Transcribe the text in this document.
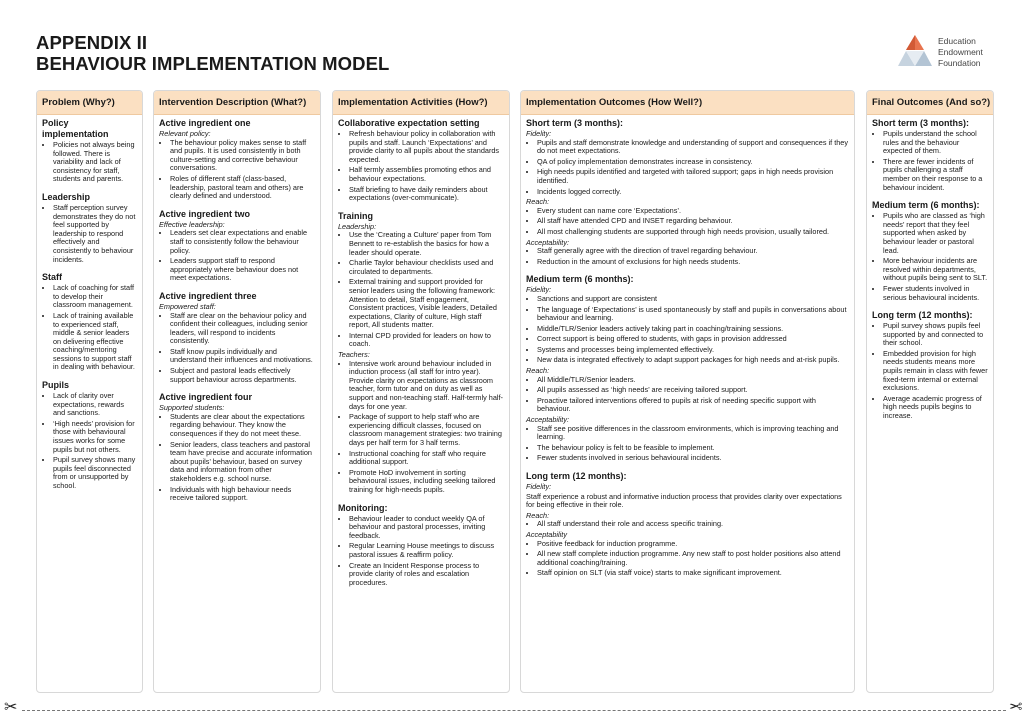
APPENDIX II
BEHAVIOUR IMPLEMENTATION MODEL
Education
Endowment
Foundation
Problem (Why?)
Policy implementation
• Policies not always being followed. There is variability and lack of consistency for staff, students and parents.
Leadership
• Staff perception survey demonstrates they do not feel supported by leadership to respond effectively and consistently to behaviour incidents.
Staff
• Lack of coaching for staff to develop their classroom management.
• Lack of training available to experienced staff, middle & senior leaders on delivering effective coaching/mentoring sessions to support staff in dealing with behaviour.
Pupils
• Lack of clarity over expectations, rewards and sanctions.
• ‘High needs’ provision for those with behavioural issues works for some pupils but not others.
• Pupil survey shows many pupils feel disconnected from or unsupported by school.
Intervention Description (What?)
Active ingredient one
Relevant policy:
• The behaviour policy makes sense to staff and pupils. It is used consistently in both culture-setting and corrective behaviour conversations.
• Roles of different staff (class-based, leadership, pastoral team and others) are clearly defined and understood.
Active ingredient two
Effective leadership:
• Leaders set clear expectations and enable staff to consistently follow the behaviour policy.
• Leaders support staff to respond appropriately where behaviour does not meet expectations.
Active ingredient three
Empowered staff:
• Staff are clear on the behaviour policy and confident their colleagues, including senior leaders, will respond to incidents consistently.
• Staff know pupils individually and understand their influences and motivations.
• Subject and pastoral leads effectively support behaviour across departments.
Active ingredient four
Supported students:
• Students are clear about the expectations regarding behaviour. They know the consequences if they do not meet these.
• Senior leaders, class teachers and pastoral team have precise and accurate information about pupils’ behaviour, based on survey data and information from other stakeholders e.g. school nurse.
• Individuals with high behaviour needs receive tailored support.
Implementation Activities (How?)
Collaborative expectation setting
• Refresh behaviour policy in collaboration with pupils and staff. Launch ‘Expectations’ and provide clarity to all pupils about the standards expected.
• Half termly assemblies promoting ethos and behaviour expectations.
• Staff briefing to have daily reminders about expectations (over-communicate).
Training
Leadership:
• Use the ‘Creating a Culture’ paper from Tom Bennett to re-establish the basics for how a leader should operate.
• Charlie Taylor behaviour checklists used and circulated to departments.
• External training and support provided for senior leaders using the following framework: Attention to detail, Staff engagement, Consistent practices, Visible leaders, Detailed expectations, Clarity of culture, High staff report, All students matter.
• Internal CPD provided for leaders on how to coach.
Teachers:
• Intensive work around behaviour included in induction process (all staff for intro year). Provide clarity on expectations as classroom teacher, form tutor and on duty as well as support and non-teaching staff. Half-termly half-days for one year.
• Package of support to help staff who are experiencing difficult classes, focused on classroom management strategies: two training days per half term for 3 half terms.
• Instructional coaching for staff who require additional support.
• Promote HoD involvement in sorting behavioural issues, including seeking tailored training for high-needs pupils.
Monitoring:
• Behaviour leader to conduct weekly QA of behaviour and pastoral processes, inviting feedback.
• Regular Learning House meetings to discuss pastoral issues & reaffirm policy.
• Create an Incident Response process to provide clarity of roles and escalation procedures.
Implementation Outcomes (How Well?)
Short term (3 months):
Fidelity:
• Pupils and staff demonstrate knowledge and understanding of support and consequences if they do not meet expectations.
• QA of policy implementation demonstrates increase in consistency.
• High needs pupils identified and targeted with tailored support; gaps in high needs provision identified.
• Incidents logged correctly.
Reach:
• Every student can name core ‘Expectations’.
• All staff have attended CPD and INSET regarding behaviour.
• All most challenging students are supported through high needs provision, usually tailored.
Acceptability:
• Staff generally agree with the direction of travel regarding behaviour.
• Reduction in the amount of exclusions for high needs students.
Medium term (6 months):
Fidelity:
• Sanctions and support are consistent
• The language of ‘Expectations’ is used spontaneously by staff and pupils in conversations about behaviour and learning.
• Middle/TLR/Senior leaders actively taking part in coaching/training sessions.
• Correct support is being offered to students, with gaps in provision addressed
• Systems and processes being implemented effectively.
• New data is integrated effectively to adapt support packages for high needs and at-risk pupils.
Reach:
• All Middle/TLR/Senior leaders.
• All pupils assessed as ‘high needs’ are receiving tailored support.
• Proactive tailored interventions offered to pupils at risk of needing specific support with behaviour.
Acceptability:
• Staff see positive differences in the classroom environments, which is improving teaching and learning.
• The behaviour policy is felt to be feasible to implement.
• Fewer students involved in serious behavioural incidents.
Long term (12 months):
Fidelity:
Staff experience a robust and informative induction process that provides clarity over expectations for being effective in their role.
Reach:
• All staff understand their role and access specific training.
Acceptability
• Positive feedback for induction programme.
• All new staff complete induction programme. Any new staff to post holder positions also attend additional coaching/training.
• Staff opinion on SLT (via staff voice) starts to make significant improvement.
Final Outcomes (And so?)
Short term (3 months):
• Pupils understand the school rules and the behaviour expected of them.
• There are fewer incidents of pupils challenging a staff member on their response to a behaviour incident.
Medium term (6 months):
• Pupils who are classed as ‘high needs’ report that they feel supported when asked by behaviour leader or pastoral lead.
• More behaviour incidents are resolved within departments, without pupils being sent to SLT.
• Fewer students involved in serious behavioural incidents.
Long term (12 months):
• Pupil survey shows pupils feel supported by and connected to their school.
• Embedded provision for high needs students means more pupils remain in class with fewer fixed-term internal or external exclusions.
• Average academic progress of high needs pupils begins to increase.
✂	✂
